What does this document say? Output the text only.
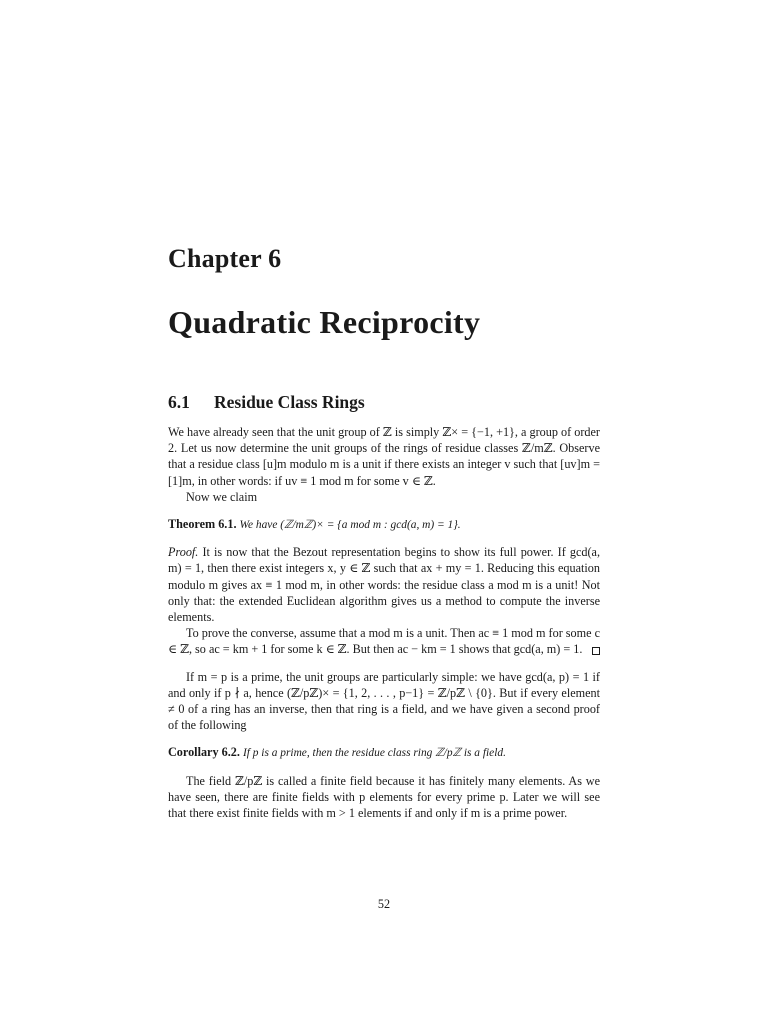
Chapter 6
Quadratic Reciprocity
6.1 Residue Class Rings

We have already seen that the unit group of ℤ is simply ℤ× = {−1, +1}, a group of order 2. Let us now determine the unit groups of the rings of residue classes ℤ/mℤ. Observe that a residue class [u]m modulo m is a unit if there exists an integer v such that [uv]m = [1]m, in other words: if uv ≡ 1 mod m for some v ∈ ℤ.

Now we claim

Theorem 6.1. We have (ℤ/mℤ)× = {a mod m : gcd(a, m) = 1}.

Proof. It is now that the Bezout representation begins to show its full power. If gcd(a, m) = 1, then there exist integers x, y ∈ ℤ such that ax + my = 1. Reducing this equation modulo m gives ax ≡ 1 mod m, in other words: the residue class a mod m is a unit! Not only that: the extended Euclidean algorithm gives us a method to compute the inverse elements.

To prove the converse, assume that a mod m is a unit. Then ac ≡ 1 mod m for some c ∈ ℤ, so ac = km + 1 for some k ∈ ℤ. But then ac − km = 1 shows that gcd(a, m) = 1.

If m = p is a prime, the unit groups are particularly simple: we have gcd(a, p) = 1 if and only if p ∤ a, hence (ℤ/pℤ)× = {1, 2, . . . , p−1} = ℤ/pℤ \ {0}. But if every element ≠ 0 of a ring has an inverse, then that ring is a field, and we have given a second proof of the following

Corollary 6.2. If p is a prime, then the residue class ring ℤ/pℤ is a field.

The field ℤ/pℤ is called a finite field because it has finitely many elements. As we have seen, there are finite fields with p elements for every prime p. Later we will see that there exist finite fields with m > 1 elements if and only if m is a prime power.

52
